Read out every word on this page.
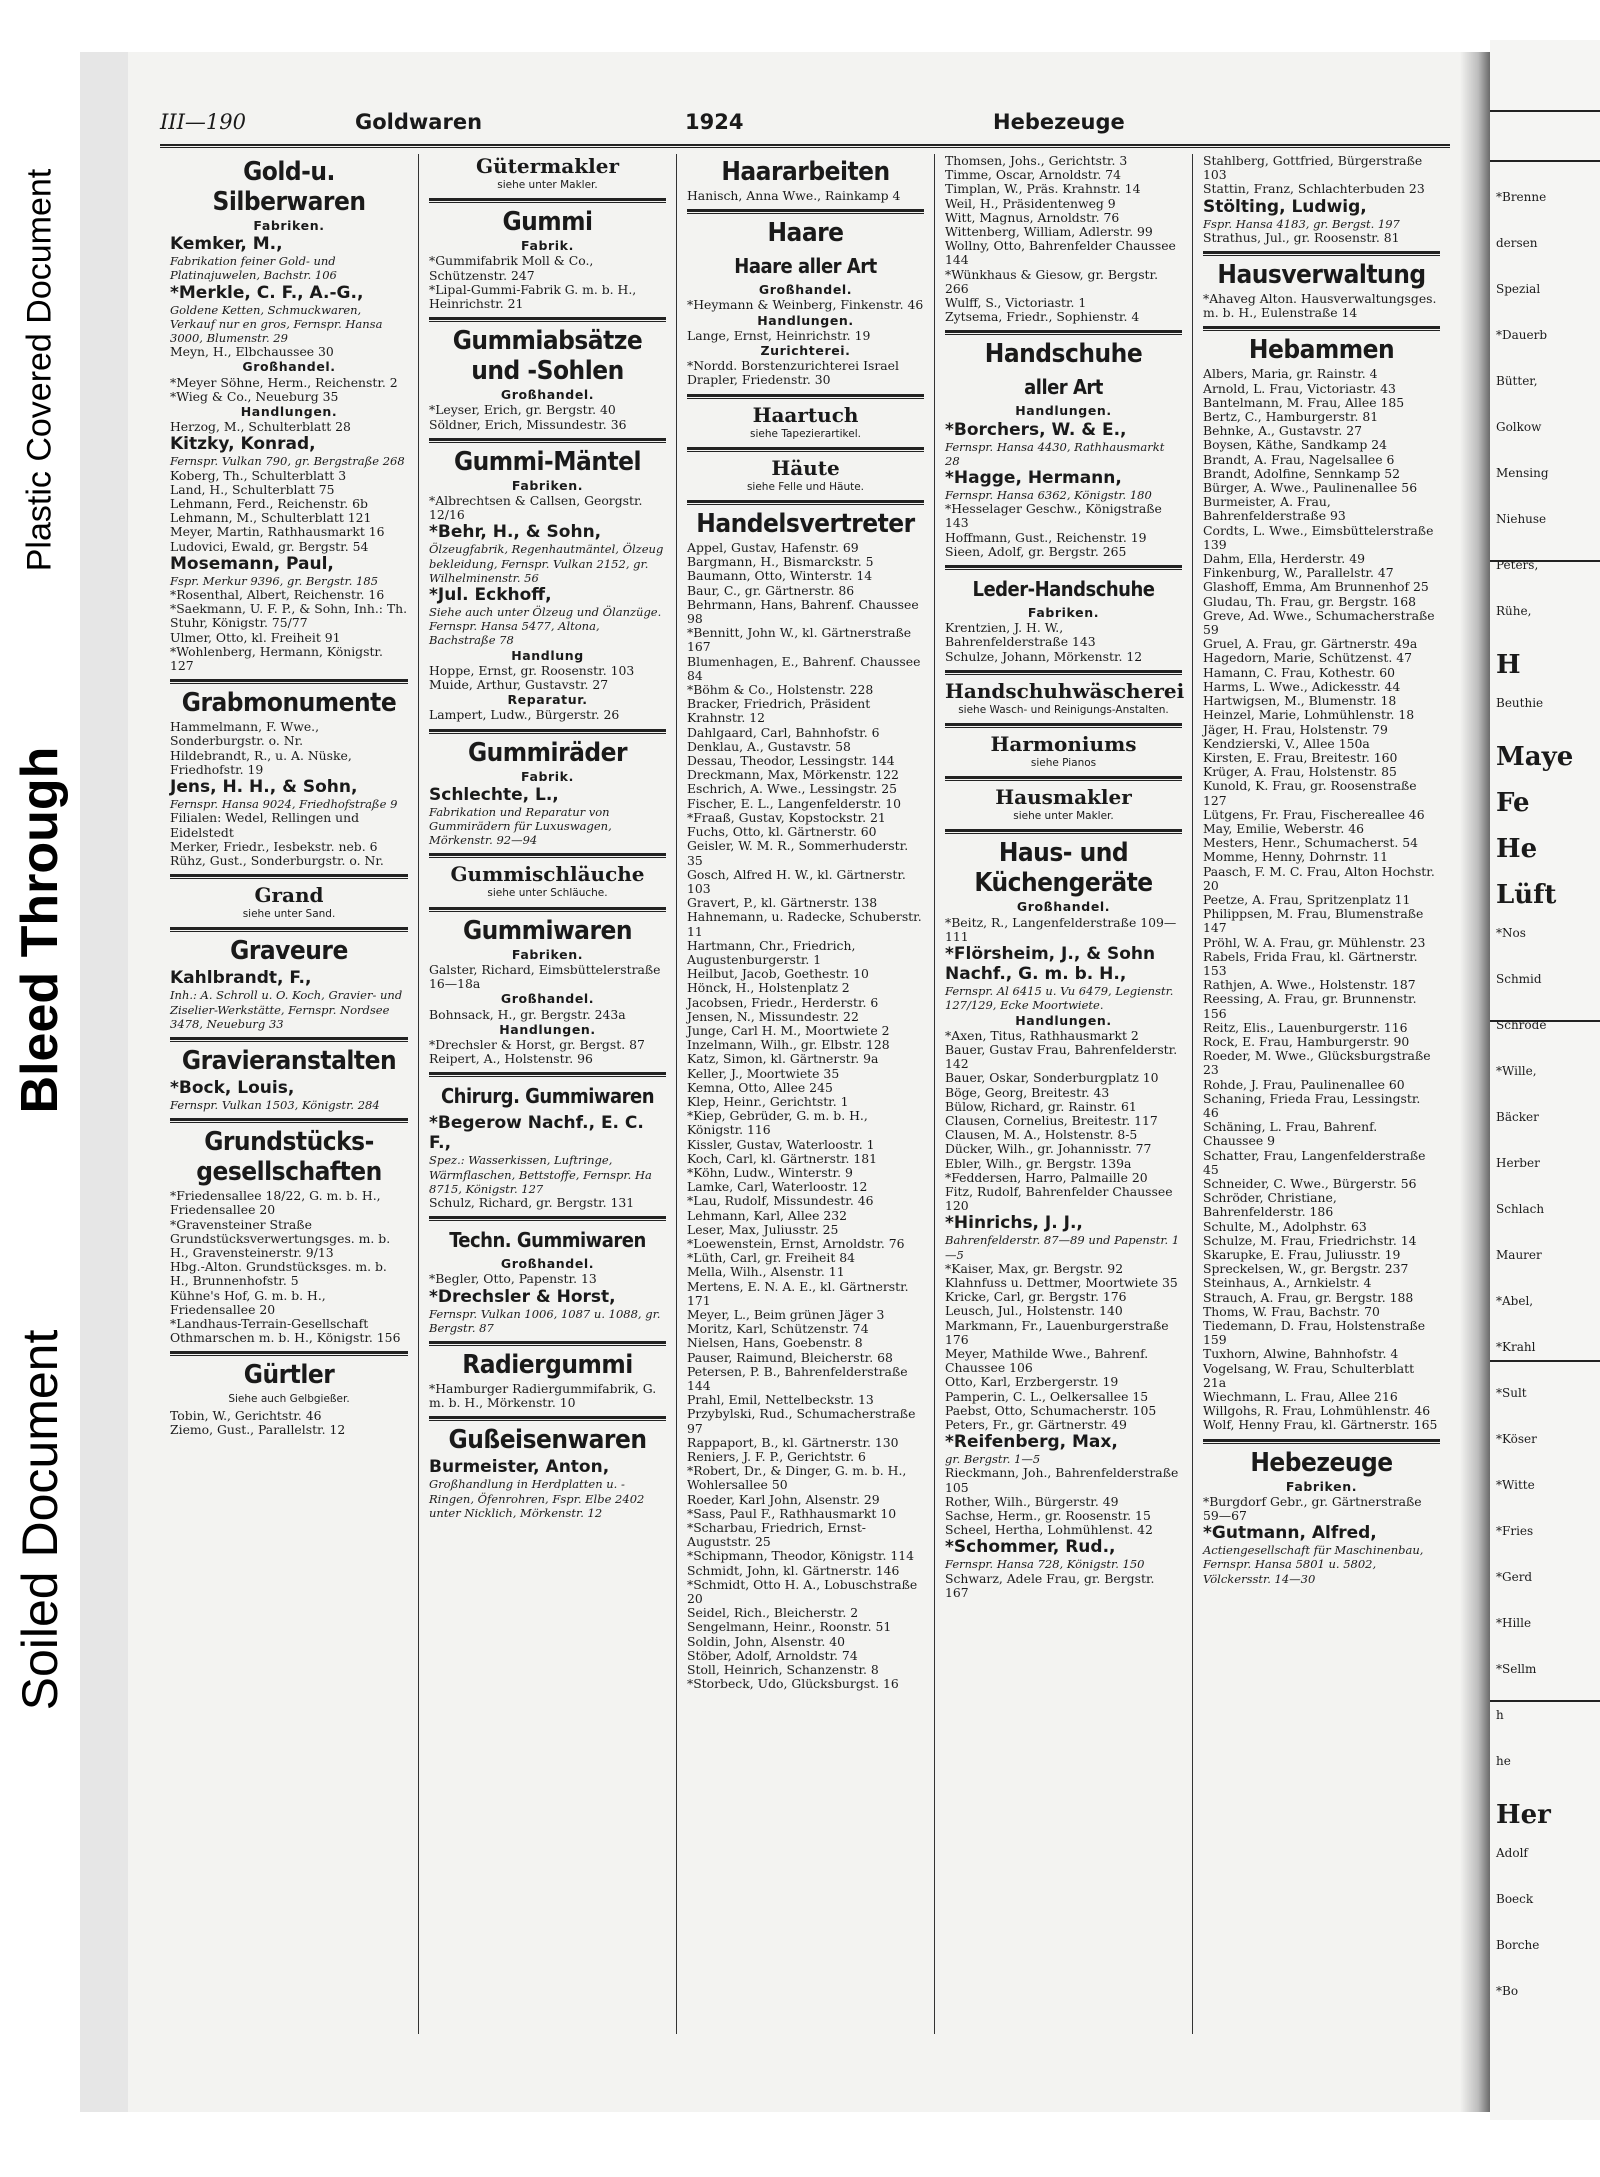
Plastic Covered Document
Bleed Through
Soiled Document
III—190	Goldwaren	1924	Hebezeuge
Gold-u. Silberwaren
Fabriken.
Kemker, M.,
Fabrikation feiner Gold- und Platinajuwelen, Bachstr. 106
*Merkle, C. F., A.-G.,
Goldene Ketten, Schmuckwaren, Verkauf nur en gros, Fernspr. Hansa 3000, Blumenstr. 29
Meyn, H., Elbchaussee 30
Großhandel.
*Meyer Söhne, Herm., Reichenstr. 2
*Wieg & Co., Neueburg 35
Handlungen.
Herzog, M., Schulterblatt 28
Kitzky, Konrad,
Fernspr. Vulkan 790, gr. Bergstraße 268
Koberg, Th., Schulterblatt 3
Land, H., Schulterblatt 75
Lehmann, Ferd., Reichenstr. 6b
Lehmann, M., Schulterblatt 121
Meyer, Martin, Rathhausmarkt 16
Ludovici, Ewald, gr. Bergstr. 54
Mosemann, Paul,
Fspr. Merkur 9396, gr. Bergstr. 185
*Rosenthal, Albert, Reichenstr. 16
*Saekmann, U. F. P., & Sohn, Inh.: Th. Stuhr, Königstr. 75/77
Ulmer, Otto, kl. Freiheit 91
*Wohlenberg, Hermann, Königstr. 127
Grabmonumente
Hammelmann, F. Wwe., Sonderburgstr. o. Nr.
Hildebrandt, R., u. A. Nüske, Friedhofstr. 19
Jens, H. H., & Sohn,
Fernspr. Hansa 9024, Friedhofstraße 9
Filialen: Wedel, Rellingen und Eidelstedt
Merker, Friedr., Iesbekstr. neb. 6
Rühz, Gust., Sonderburgstr. o. Nr.
Grand
siehe unter Sand.
Graveure
Kahlbrandt, F.,
Inh.: A. Schroll u. O. Koch, Gravier- und Ziselier-Werkstätte, Fernspr. Nordsee 3478, Neueburg 33
Gravieranstalten
*Bock, Louis,
Fernspr. Vulkan 1503, Königstr. 284
Grundstücks-gesellschaften
*Friedensallee 18/22, G. m. b. H., Friedensallee 20
*Gravensteiner Straße Grundstücksverwertungsges. m. b. H., Gravensteinerstr. 9/13
Hbg.-Alton. Grundstücksges. m. b. H., Brunnenhofstr. 5
Kühne's Hof, G. m. b. H., Friedensallee 20
*Landhaus-Terrain-Gesellschaft Othmarschen m. b. H., Königstr. 156
Gürtler
Siehe auch Gelbgießer.
Tobin, W., Gerichtstr. 46
Ziemo, Gust., Parallelstr. 12
Gütermakler
siehe unter Makler.
Gummi
Fabrik.
*Gummifabrik Moll & Co., Schützenstr. 247
*Lipal-Gummi-Fabrik G. m. b. H., Heinrichstr. 21
Gummiabsätze und -Sohlen
Großhandel.
*Leyser, Erich, gr. Bergstr. 40
Söldner, Erich, Missundestr. 36
Gummi-Mäntel
Fabriken.
*Albrechtsen & Callsen, Georgstr. 12/16
*Behr, H., & Sohn,
Ölzeugfabrik, Regenhautmäntel, Ölzeug bekleidung, Fernspr. Vulkan 2152, gr. Wilhelminenstr. 56
*Jul. Eckhoff,
Siehe auch unter Ölzeug und Ölanzüge. Fernspr. Hansa 5477, Altona, Bachstraße 78
Handlung
Hoppe, Ernst, gr. Roosenstr. 103
Muide, Arthur, Gustavstr. 27
Reparatur.
Lampert, Ludw., Bürgerstr. 26
Gummiräder
Fabrik.
Schlechte, L.,
Fabrikation und Reparatur von Gummirädern für Luxuswagen, Mörkenstr. 92—94
Gummischläuche
siehe unter Schläuche.
Gummiwaren
Fabriken.
Galster, Richard, Eimsbüttelerstraße 16—18a
Großhandel.
Bohnsack, H., gr. Bergstr. 243a
Handlungen.
*Drechsler & Horst, gr. Bergst. 87
Reipert, A., Holstenstr. 96
Chirurg. Gummiwaren
*Begerow Nachf., E. C. F.,
Spez.: Wasserkissen, Luftringe, Wärmflaschen, Bettstoffe, Fernspr. Ha 8715, Königstr. 127
Schulz, Richard, gr. Bergstr. 131
Techn. Gummiwaren
Großhandel.
*Begler, Otto, Papenstr. 13
*Drechsler & Horst,
Fernspr. Vulkan 1006, 1087 u. 1088, gr. Bergstr. 87
Radiergummi
*Hamburger Radiergummifabrik, G. m. b. H., Mörkenstr. 10
Gußeisenwaren
Burmeister, Anton,
Großhandlung in Herdplatten u. -Ringen, Öfenrohren, Fspr. Elbe 2402 unter Nicklich, Mörkenstr. 12
Haararbeiten
Hanisch, Anna Wwe., Rainkamp 4
Haare
Haare aller Art
Großhandel.
*Heymann & Weinberg, Finkenstr. 46
Handlungen.
Lange, Ernst, Heinrichstr. 19
Zurichterei.
*Nordd. Borstenzurichterei Israel Drapler, Friedenstr. 30
Haartuch
siehe Tapezierartikel.
Häute
siehe Felle und Häute.
Handelsvertreter
Appel, Gustav, Hafenstr. 69
Bargmann, H., Bismarckstr. 5
Baumann, Otto, Winterstr. 14
Baur, C., gr. Gärtnerstr. 86
Behrmann, Hans, Bahrenf. Chaussee 98
*Bennitt, John W., kl. Gärtnerstraße 167
Blumenhagen, E., Bahrenf. Chaussee 84
*Böhm & Co., Holstenstr. 228
Bracker, Friedrich, Präsident Krahnstr. 12
Dahlgaard, Carl, Bahnhofstr. 6
Denklau, A., Gustavstr. 58
Dessau, Theodor, Lessingstr. 144
Dreckmann, Max, Mörkenstr. 122
Eschrich, A. Wwe., Lessingstr. 25
Fischer, E. L., Langenfelderstr. 10
*Fraaß, Gustav, Kopstockstr. 21
Fuchs, Otto, kl. Gärtnerstr. 60
Geisler, W. M. R., Sommerhuderstr. 35
Gosch, Alfred H. W., kl. Gärtnerstr. 103
Gravert, P., kl. Gärtnerstr. 138
Hahnemann, u. Radecke, Schuberstr. 11
Hartmann, Chr., Friedrich, Augustenburgerstr. 1
Heilbut, Jacob, Goethestr. 10
Hönck, H., Holstenplatz 2
Jacobsen, Friedr., Herderstr. 6
Jensen, N., Missundestr. 22
Junge, Carl H. M., Moortwiete 2
Inzelmann, Wilh., gr. Elbstr. 128
Katz, Simon, kl. Gärtnerstr. 9a
Keller, J., Moortwiete 35
Kemna, Otto, Allee 245
Klep, Heinr., Gerichtstr. 1
*Kiep, Gebrüder, G. m. b. H., Königstr. 116
Kissler, Gustav, Waterloostr. 1
Koch, Carl, kl. Gärtnerstr. 181
*Köhn, Ludw., Winterstr. 9
Lamke, Carl, Waterloostr. 12
*Lau, Rudolf, Missundestr. 46
Lehmann, Karl, Allee 232
Leser, Max, Juliusstr. 25
*Loewenstein, Ernst, Arnoldstr. 76
*Lüth, Carl, gr. Freiheit 84
Mella, Wilh., Alsenstr. 11
Mertens, E. N. A. E., kl. Gärtnerstr. 171
Meyer, L., Beim grünen Jäger 3
Moritz, Karl, Schützenstr. 74
Nielsen, Hans, Goebenstr. 8
Pauser, Raimund, Bleicherstr. 68
Petersen, P. B., Bahrenfelderstraße 144
Prahl, Emil, Nettelbeckstr. 13
Przybylski, Rud., Schumacherstraße 97
Rappaport, B., kl. Gärtnerstr. 130
Reniers, J. F. P., Gerichtstr. 6
*Robert, Dr., & Dinger, G. m. b. H., Wohlersallee 50
Roeder, Karl John, Alsenstr. 29
*Sass, Paul F., Rathhausmarkt 10
*Scharbau, Friedrich, Ernst-Auguststr. 25
*Schipmann, Theodor, Königstr. 114
Schmidt, John, kl. Gärtnerstr. 146
*Schmidt, Otto H. A., Lobuschstraße 20
Seidel, Rich., Bleicherstr. 2
Sengelmann, Heinr., Roonstr. 51
Soldin, John, Alsenstr. 40
Stöber, Adolf, Arnoldstr. 74
Stoll, Heinrich, Schanzenstr. 8
*Storbeck, Udo, Glücksburgst. 16
Thomsen, Johs., Gerichtstr. 3
Timme, Oscar, Arnoldstr. 74
Timplan, W., Präs. Krahnstr. 14
Weil, H., Präsidentenweg 9
Witt, Magnus, Arnoldstr. 76
Wittenberg, William, Adlerstr. 99
Wollny, Otto, Bahrenfelder Chaussee 144
*Wünkhaus & Giesow, gr. Bergstr. 266
Wulff, S., Victoriastr. 1
Zytsema, Friedr., Sophienstr. 4
Handschuhe
aller Art
Handlungen.
*Borchers, W. & E.,
Fernspr. Hansa 4430, Rathhausmarkt 28
*Hagge, Hermann,
Fernspr. Hansa 6362, Königstr. 180
*Hesselager Geschw., Königstraße 143
Hoffmann, Gust., Reichenstr. 19
Sieen, Adolf, gr. Bergstr. 265
Leder-Handschuhe
Fabriken.
Krentzien, J. H. W., Bahrenfelderstraße 143
Schulze, Johann, Mörkenstr. 12
Handschuhwäscherei
siehe Wasch- und Reinigungs-Anstalten.
Harmoniums
siehe Pianos
Hausmakler
siehe unter Makler.
Haus- und Küchengeräte
Großhandel.
*Beitz, R., Langenfelderstraße 109—111
*Flörsheim, J., & Sohn Nachf., G. m. b. H.,
Fernspr. Al 6415 u. Vu 6479, Legienstr. 127/129, Ecke Moortwiete.
Handlungen.
*Axen, Titus, Rathhausmarkt 2
Bauer, Gustav Frau, Bahrenfelderstr. 142
Bauer, Oskar, Sonderburgplatz 10
Böge, Georg, Breitestr. 43
Bülow, Richard, gr. Rainstr. 61
Clausen, Cornelius, Breitestr. 117
Clausen, M. A., Holstenstr. 8-5
Dücker, Wilh., gr. Johannisstr. 77
Ebler, Wilh., gr. Bergstr. 139a
*Feddersen, Harro, Palmaille 20
Fitz, Rudolf, Bahrenfelder Chaussee 120
*Hinrichs, J. J.,
Bahrenfelderstr. 87—89 und Papenstr. 1—5
*Kaiser, Max, gr. Bergstr. 92
Klahnfuss u. Dettmer, Moortwiete 35
Kricke, Carl, gr. Bergstr. 176
Leusch, Jul., Holstenstr. 140
Markmann, Fr., Lauenburgerstraße 176
Meyer, Mathilde Wwe., Bahrenf. Chaussee 106
Otto, Karl, Erzbergerstr. 19
Pamperin, C. L., Oelkersallee 15
Paebst, Otto, Schumacherstr. 105
Peters, Fr., gr. Gärtnerstr. 49
*Reifenberg, Max,
gr. Bergstr. 1—5
Rieckmann, Joh., Bahrenfelderstraße 105
Rother, Wilh., Bürgerstr. 49
Sachse, Herm., gr. Roosenstr. 15
Scheel, Hertha, Lohmühlenst. 42
*Schommer, Rud.,
Fernspr. Hansa 728, Königstr. 150
Schwarz, Adele Frau, gr. Bergstr. 167
Stahlberg, Gottfried, Bürgerstraße 103
Stattin, Franz, Schlachterbuden 23
Stölting, Ludwig,
Fspr. Hansa 4183, gr. Bergst. 197
Strathus, Jul., gr. Roosenstr. 81
Hausverwaltung
*Ahaveg Alton. Hausverwaltungsges. m. b. H., Eulenstraße 14
Hebammen
Albers, Maria, gr. Rainstr. 4
Arnold, L. Frau, Victoriastr. 43
Bantelmann, M. Frau, Allee 185
Bertz, C., Hamburgerstr. 81
Behnke, A., Gustavstr. 27
Boysen, Käthe, Sandkamp 24
Brandt, A. Frau, Nagelsallee 6
Brandt, Adolfine, Sennkamp 52
Bürger, A. Wwe., Paulinenallee 56
Burmeister, A. Frau, Bahrenfelderstraße 93
Cordts, L. Wwe., Eimsbüttelerstraße 139
Dahm, Ella, Herderstr. 49
Finkenburg, W., Parallelstr. 47
Glashoff, Emma, Am Brunnenhof 25
Gludau, Th. Frau, gr. Bergstr. 168
Greve, Ad. Wwe., Schumacherstraße 59
Gruel, A. Frau, gr. Gärtnerstr. 49a
Hagedorn, Marie, Schützenst. 47
Hamann, C. Frau, Kothestr. 60
Harms, L. Wwe., Adickesstr. 44
Hartwigsen, M., Blumenstr. 18
Heinzel, Marie, Lohmühlenstr. 18
Jäger, H. Frau, Holstenstr. 79
Kendzierski, V., Allee 150a
Kirsten, E. Frau, Breitestr. 160
Krüger, A. Frau, Holstenstr. 85
Kunold, K. Frau, gr. Roosenstraße 127
Lütgens, Fr. Frau, Fischereallee 46
May, Emilie, Weberstr. 46
Mesters, Henr., Schumacherst. 54
Momme, Henny, Dohrnstr. 11
Paasch, F. M. C. Frau, Alton Hochstr. 20
Peetze, A. Frau, Spritzenplatz 11
Philippsen, M. Frau, Blumenstraße 147
Pröhl, W. A. Frau, gr. Mühlenstr. 23
Rabels, Frida Frau, kl. Gärtnerstr. 153
Rathjen, A. Wwe., Holstenstr. 187
Reessing, A. Frau, gr. Brunnenstr. 156
Reitz, Elis., Lauenburgerstr. 116
Rock, E. Frau, Hamburgerstr. 90
Roeder, M. Wwe., Glücksburgstraße 23
Rohde, J. Frau, Paulinenallee 60
Schaning, Frieda Frau, Lessingstr. 46
Schäning, L. Frau, Bahrenf. Chaussee 9
Schatter, Frau, Langenfelderstraße 45
Schneider, C. Wwe., Bürgerstr. 56
Schröder, Christiane, Bahrenfelderstr. 186
Schulte, M., Adolphstr. 63
Schulze, M. Frau, Friedrichstr. 14
Skarupke, E. Frau, Juliusstr. 19
Spreckelsen, W., gr. Bergstr. 237
Steinhaus, A., Arnkielstr. 4
Strauch, A. Frau, gr. Bergstr. 188
Thoms, W. Frau, Bachstr. 70
Tiedemann, D. Frau, Holstenstraße 159
Tuxhorn, Alwine, Bahnhofstr. 4
Vogelsang, W. Frau, Schulterblatt 21a
Wiechmann, L. Frau, Allee 216
Willgohs, R. Frau, Lohmühlenstr. 46
Wolf, Henny Frau, kl. Gärtnerstr. 165
Hebezeuge
Fabriken.
*Burgdorf Gebr., gr. Gärtnerstraße 59—67
*Gutmann, Alfred,
Actiengesellschaft für Maschinenbau, Fernspr. Hansa 5801 u. 5802, Völckersstr. 14—30
*Brenne
dersen
Spezial
*Dauerb
Bütter,
Golkow
Mensing
Niehuse
Peters,
Rühe,
H
Beuthie
Maye
Fe
He
Lüft
*Nos
Schmid
Schröde
*Wille,
Bäcker
Herber
Schlach
Maurer
*Abel,
*Krahl
*Sult
*Köser
*Witte
*Fries
*Gerd
*Hille
*Sellm
h
he
Her
Adolf
Boeck
Borche
*Bo
